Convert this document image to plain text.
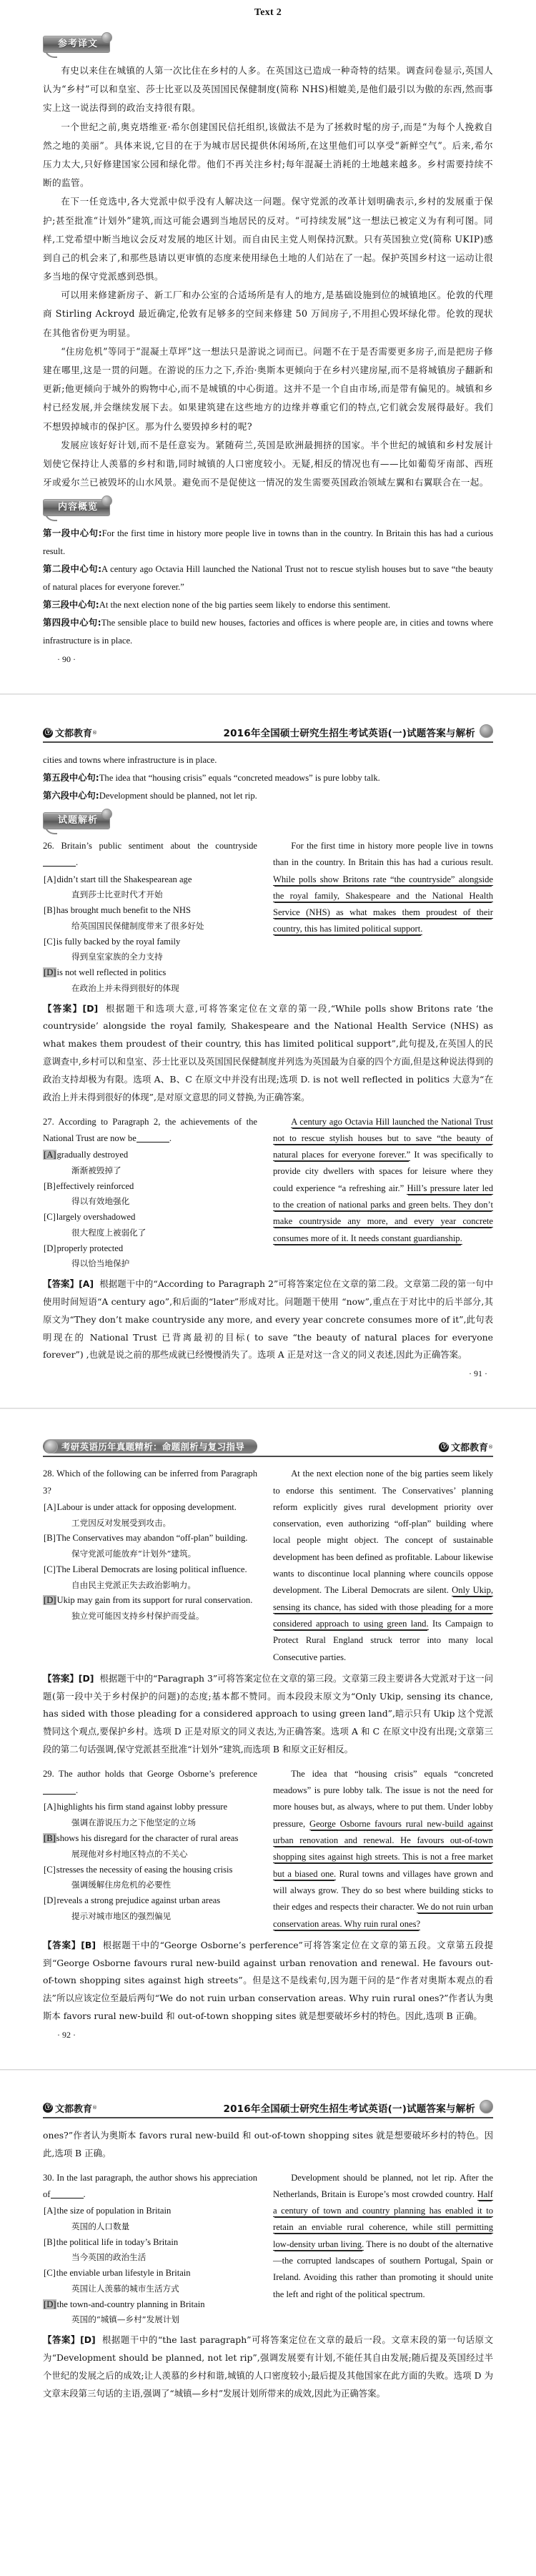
Text 2
参考译文

有史以来住在城镇的人第一次比住在乡村的人多。在英国这已造成一种奇特的结果。调查问卷显示,英国人认为“乡村”可以和皇室、莎士比亚以及英国国民保健制度(简称 NHS)相媲美,是他们最引以为傲的东西,然而事实上这一说法得到的政治支持很有限。

一个世纪之前,奥克塔维亚·希尔创建国民信托组织,该做法不是为了拯救时髦的房子,而是“为每个人挽救自然之地的美丽”。具体来说,它目的在于为城市居民提供休闲场所,在这里他们可以享受“新鲜空气”。后来,希尔压力太大,只好修建国家公园和绿化带。他们不再关注乡村;每年混凝土消耗的土地越来越多。乡村需要持续不断的监管。

在下一任竞选中,各大党派中似乎没有人解决这一问题。保守党派的改革计划明确表示,乡村的发展重于保护;甚至批准“计划外”建筑,而这可能会遇到当地居民的反对。“可持续发展”这一想法已被定义为有利可图。同样,工党希望中断当地议会反对发展的地区计划。而自由民主党人则保持沉默。只有英国独立党(简称 UKIP)感到自己的机会来了,和那些恳请以更审慎的态度来使用绿色土地的人们站在了一起。保护英国乡村这一运动让很多当地的保守党派感到恐惧。

可以用来修建新房子、新工厂和办公室的合适场所是有人的地方,是基础设施到位的城镇地区。伦敦的代理商 Stirling Ackroyd 最近确定,伦敦有足够多的空间来修建 50 万间房子,不用担心毁坏绿化带。伦敦的现状在其他省份更为明显。

“住房危机”等同于“混凝土草坪”这一想法只是游说之词而已。问题不在于是否需要更多房子,而是把房子修建在哪里,这是一贯的问题。在游说的压力之下,乔治·奥斯本更倾向于在乡村兴建房屋,而不是将城镇房子翻新和更新;他更倾向于城外的购物中心,而不是城镇的中心街道。这并不是一个自由市场,而是带有偏见的。城镇和乡村已经发展,并会继续发展下去。如果建筑建在这些地方的边缘并尊重它们的特点,它们就会发展得最好。我们不想毁掉城市的保护区。那为什么要毁掉乡村的呢?

发展应该好好计划,而不是任意妄为。紧随荷兰,英国是欧洲最拥挤的国家。半个世纪的城镇和乡村发展计划使它保持让人羡慕的乡村和谐,同时城镇的人口密度较小。无疑,相反的情况也有——比如葡萄牙南部、西班牙或爱尔兰已被毁坏的山水风景。避免而不是促使这一情况的发生需要英国政治领域左翼和右翼联合在一起。

内容概览

第一段中心句:For the first time in history more people live in towns than in the country. In Britain this has had a curious result.

第二段中心句:A century ago Octavia Hill launched the National Trust not to rescue stylish houses but to save “the beauty of natural places for everyone forever.”

第三段中心句:At the next election none of the big parties seem likely to endorse this sentiment.

第四段中心句:The sensible place to build new houses, factories and offices is where people are, in cities and towns where infrastructure is in place.

· 90 ·
Ⓥ 文都教育 ®	2016年全国硕士研究生招生考试英语(一)试题答案与解析

cities and towns where infrastructure is in place.

第五段中心句:The idea that “housing crisis” equals “concreted meadows” is pure lobby talk.

第六段中心句:Development should be planned, not let rip.

试题解析

26. Britain’s public sentiment about the countryside.

[A]didn’t start till the Shakespearean age

直到莎士比亚时代才开始

[B]has brought much benefit to the NHS

给英国国民保健制度带来了很多好处

[C]is fully backed by the royal family

得到皇室家族的全力支持

[D]is not well reflected in politics

在政治上并未得到很好的体现

For the first time in history more people live in towns than in the country. In Britain this has had a curious result. While polls show Britons rate “the countryside” alongside the royal family, Shakespeare and the National Health Service (NHS) as what makes them proudest of their country, this has limited political support.

【答案】[D] 根据题干和选项大意,可将答案定位在文章的第一段,“While polls show Britons rate ‘the countryside’ alongside the royal family, Shakespeare and the National Health Service (NHS) as what makes them proudest of their country, this has limited political support”,此句提及,在英国人的民意调查中,乡村可以和皇室、莎士比亚以及英国国民保健制度并列选为英国最为自豪的四个方面,但是这种说法得到的政治支持却极为有限。选项 A、B、C 在原文中并没有出现;选项 D. is not well reflected in politics 大意为“在政治上并未得到很好的体现”,是对原文意思的同义替换,为正确答案。

27. According to Paragraph 2, the achievements of the National Trust are now be	.

[A]gradually destroyed

渐渐被毁掉了

[B]effectively reinforced

得以有效地强化

[C]largely overshadowed

很大程度上被弱化了

[D]properly protected

得以恰当地保护

A century ago Octavia Hill launched the National Trust not to rescue stylish houses but to save “the beauty of natural places for everyone forever.” It was specifically to provide city dwellers with spaces for leisure where they could experience “a refreshing air.” Hill’s pressure later led to the creation of national parks and green belts. They don’t make countryside any more, and every year concrete consumes more of it. It needs constant guardianship.

【答案】[A] 根据题干中的“According to Paragraph 2”可将答案定位在文章的第二段。文章第二段的第一句中使用时间短语“A century ago”,和后面的“later”形成对比。问题题干使用 “now”,重点在于对比中的后半部分,其原文为“They don’t make countryside any more, and every year concrete consumes more of it”,此句表明现在的 National Trust 已背离最初的目标( to save “the beauty of natural places for everyone forever”) ,也就是说之前的那些成就已经慢慢消失了。选项 A 正是对这一含义的同义表述,因此为正确答案。

· 91 ·
考研英语历年真题精析：命题剖析与复习指导	Ⓥ 文都教育 ®

28. Which of the following can be inferred from Paragraph 3?

[A]Labour is under attack for opposing development.

工党因反对发展受到攻击。

[B]The Conservatives may abandon “off-plan” building.

保守党派可能放弃“计划外”建筑。

[C]The Liberal Democrats are losing political influence.

自由民主党派正失去政治影响力。

[D]Ukip may gain from its support for rural conservation.

独立党可能因支持乡村保护而受益。

At the next election none of the big parties seem likely to endorse this sentiment. The Conservatives’ planning reform explicitly gives rural development priority over conservation, even authorizing “off-plan” building where local people might object. The concept of sustainable development has been defined as profitable. Labour likewise wants to discontinue local planning where councils oppose development. The Liberal Democrats are silent. Only Ukip, sensing its chance, has sided with those pleading for a more considered approach to using green land. Its Campaign to Protect Rural England struck terror into many local Consecutive parties.

【答案】[D] 根据题干中的“Paragraph 3”可将答案定位在文章的第三段。文章第三段主要讲各大党派对于这一问题(第一段中关于乡村保护的问题)的态度;基本都不赞同。而本段段末原文为“Only Ukip, sensing its chance, has sided with those pleading for a considered approach to using green land”,暗示只有 Ukip 这个党派赞同这个观点,要保护乡村。选项 D 正是对原文的同义表达,为正确答案。选项 A 和 C 在原文中没有出现;文章第三段的第二句话强调,保守党派甚至批准“计划外”建筑,而选项 B 和原文正好相反。

29. The author holds that George Osborne’s preference.

[A]highlights his firm stand against lobby pressure

强调在游说压力之下他坚定的立场

[B]shows his disregard for the character of rural areas

展现他对乡村地区特点的不关心

[C]stresses the necessity of easing the housing crisis

强调缓解住房危机的必要性

[D]reveals a strong prejudice against urban areas

提示对城市地区的强烈偏见

The idea that “housing crisis” equals “concreted meadows” is pure lobby talk. The issue is not the need for more houses but, as always, where to put them. Under lobby pressure, George Osborne favours rural new-build against urban renovation and renewal. He favours out-of-town shopping sites against high streets. This is not a free market but a biased one. Rural towns and villages have grown and will always grow. They do so best where building sticks to their edges and respects their character. We do not ruin urban conservation areas. Why ruin rural ones?

【答案】[B] 根据题干中的“George Osborne’s perference”可将答案定位在文章的第五段。文章第五段提到“George Osborne favours rural new-build against urban renovation and renewal. He favours out-of-town shopping sites against high streets”。但是这不是线索句,因为题干问的是“作者对奥斯本观点的看法”所以应该定位至最后两句“We do not ruin urban conservation areas. Why ruin rural ones?”作者认为奥斯本 favors rural new-build 和 out-of-town shopping sites 就是想要破坏乡村的特色。因此,选项 B 正确。

· 92 ·
Ⓥ 文都教育 ®	2016年全国硕士研究生招生考试英语(一)试题答案与解析

ones?”作者认为奥斯本 favors rural new-build 和 out-of-town shopping sites 就是想要破坏乡村的特色。因此,选项 B 正确。

30. In the last paragraph, the author shows his appreciation of	.

[A]the size of population in Britain

英国的人口数量

[B]the political life in today’s Britain

当今英国的政治生活

[C]the enviable urban lifestyle in Britain

英国让人羡慕的城市生活方式

[D]the town-and-country planning in Britain

英国的“城镇—乡村”发展计划

Development should be planned, not let rip. After the Netherlands, Britain is Europe’s most crowded country. Half a century of town and country planning has enabled it to retain an enviable rural coherence, while still permitting low-density urban living. There is no doubt of the alternative—the corrupted landscapes of southern Portugal, Spain or Ireland. Avoiding this rather than promoting it should unite the left and right of the political spectrum.

【答案】[D] 根据题干中的“the last paragraph”可将答案定位在文章的最后一段。文章末段的第一句话原文为“Development should be planned, not let rip”,强调发展要有计划,不能任其自由发展;随后提及英国经过半个世纪的发展之后的成效;让人羡慕的乡村和谐,城镇的人口密度较小;最后提及其他国家在此方面的失败。选项 D 为文章末段第三句话的主语,强调了“城镇—乡村”发展计划所带来的成效,因此为正确答案。
